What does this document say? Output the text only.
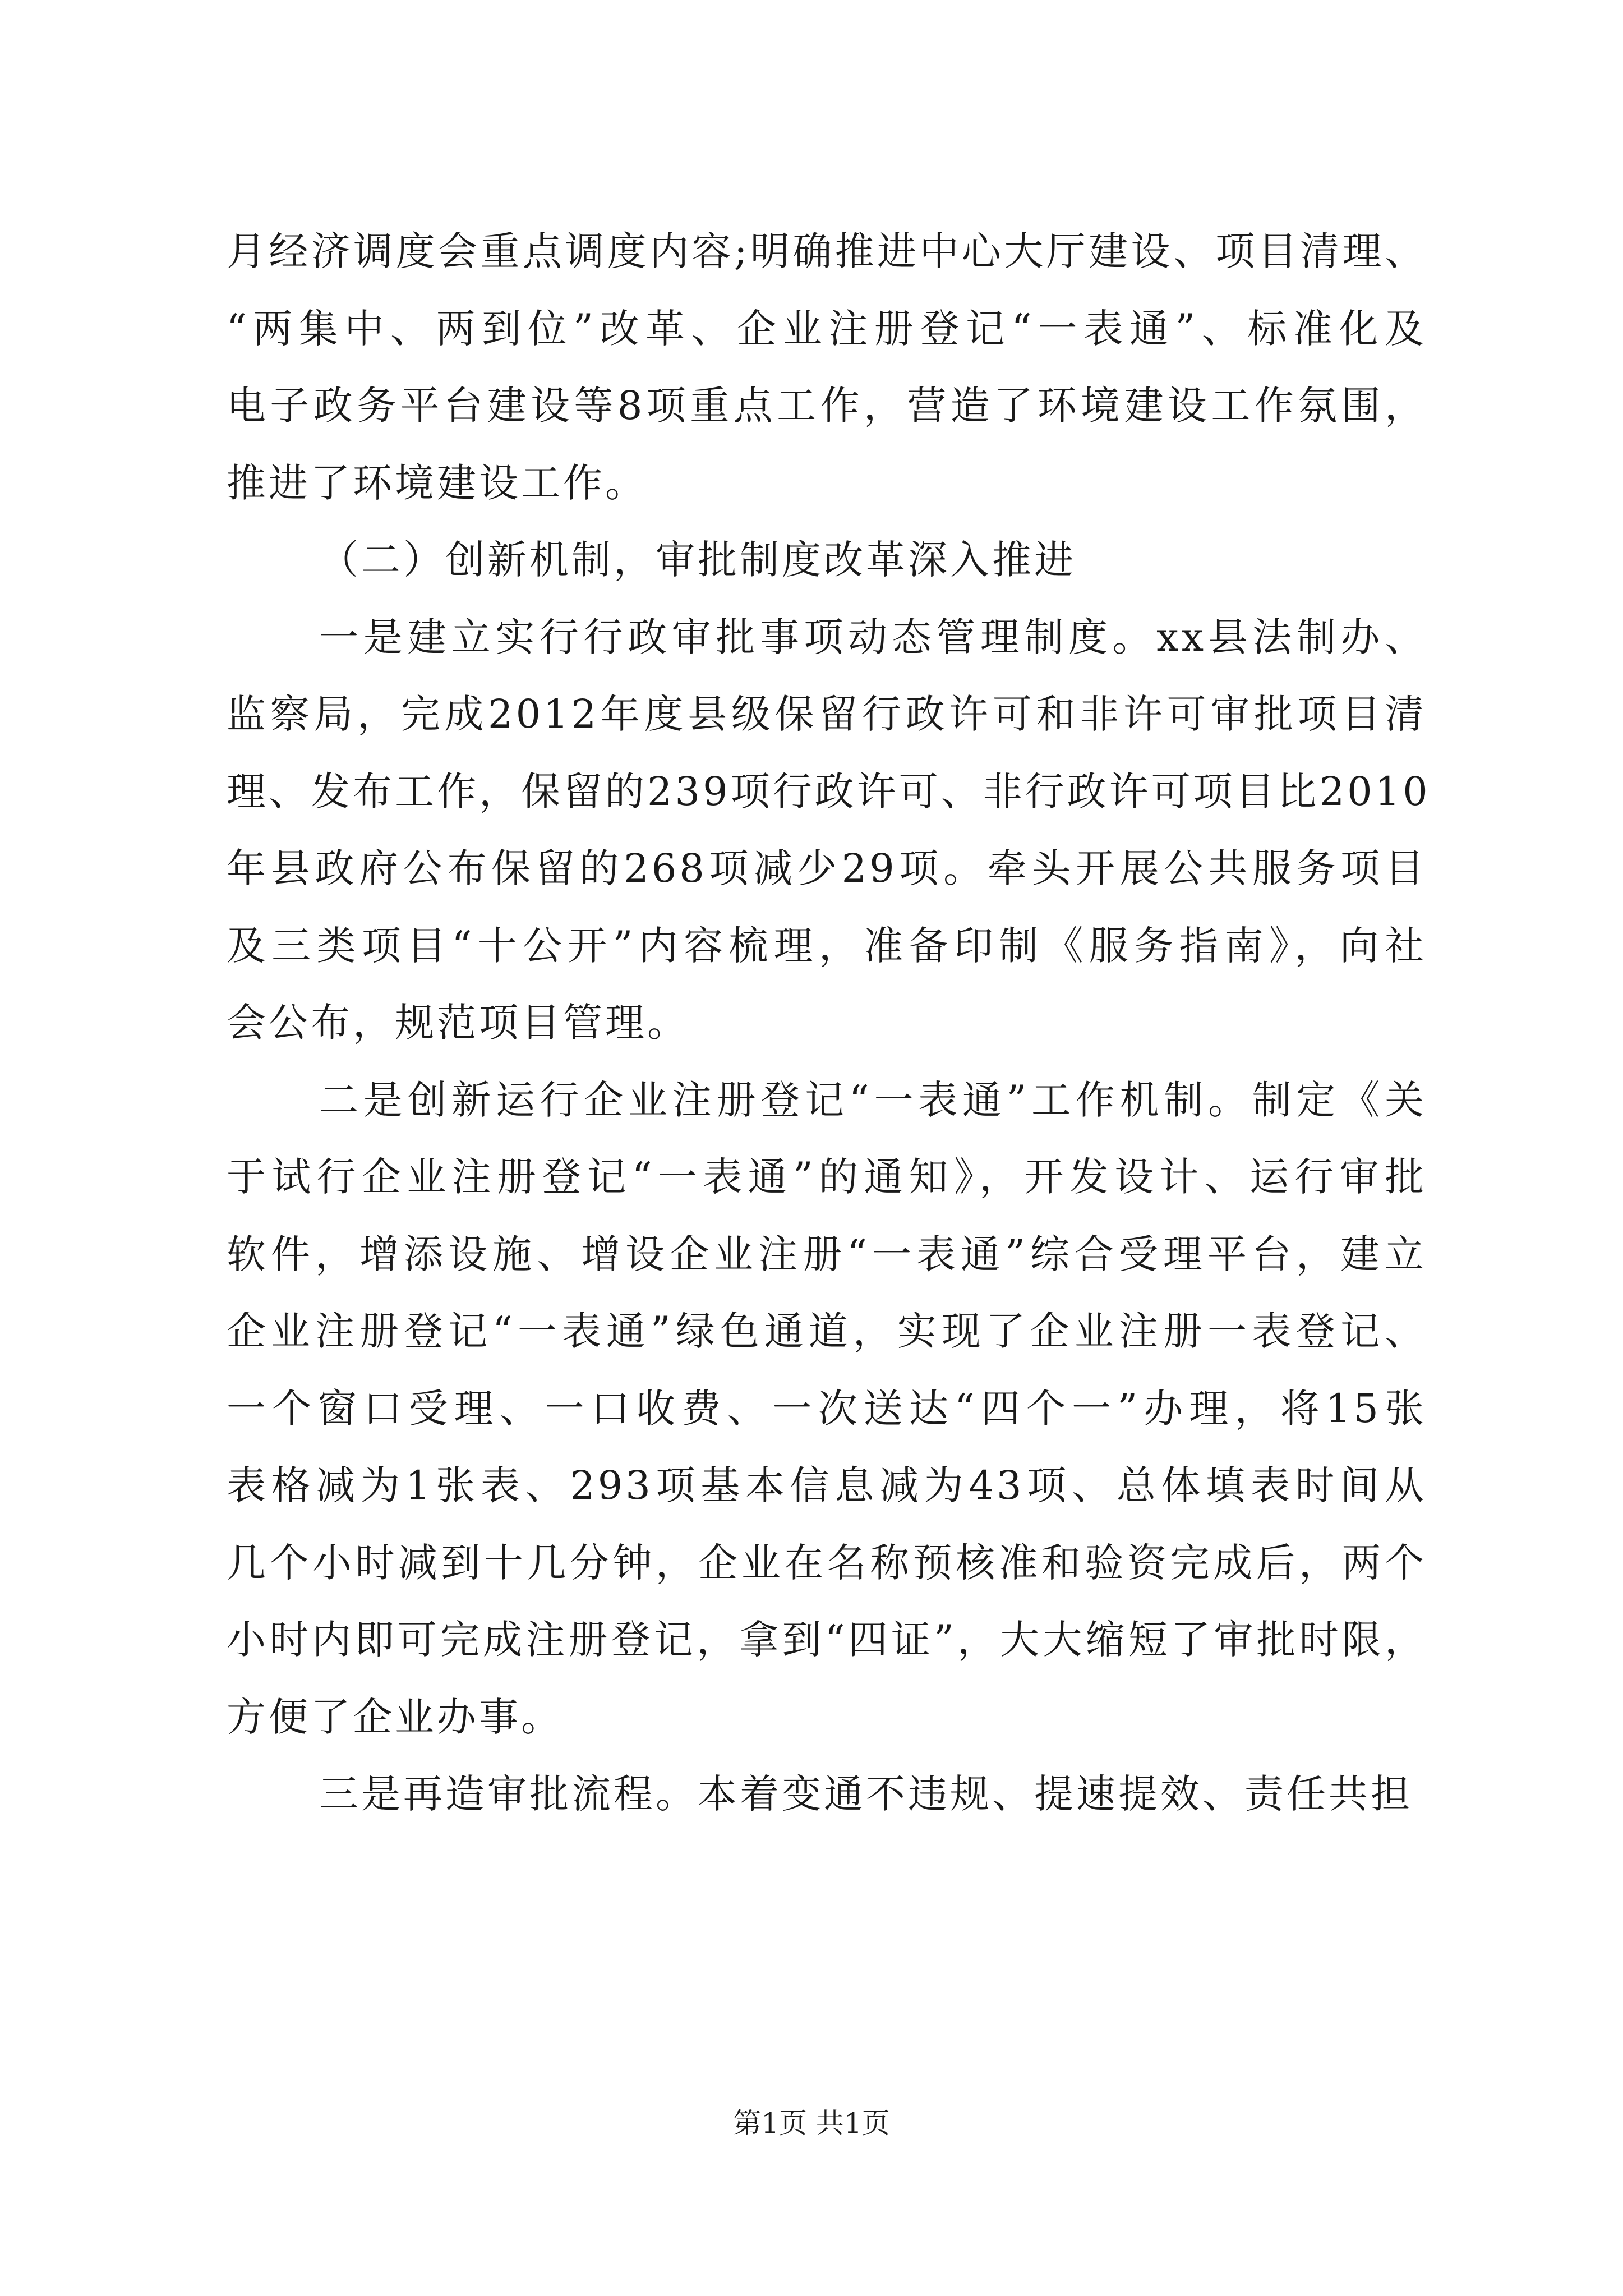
月经济调度会重点调度内容;明确推进中心大厅建设、项目清理、
“两集中、两到位”改革、企业注册登记“一表通”、标准化及
电子政务平台建设等8项重点工作，营造了环境建设工作氛围，
推进了环境建设工作。
（二）创新机制，审批制度改革深入推进
一是建立实行行政审批事项动态管理制度。xx县法制办、
监察局，完成2012年度县级保留行政许可和非许可审批项目清
理、发布工作，保留的239项行政许可、非行政许可项目比2010
年县政府公布保留的268项减少29项。牵头开展公共服务项目
及三类项目“十公开”内容梳理，准备印制《服务指南》，向社
会公布，规范项目管理。
二是创新运行企业注册登记“一表通”工作机制。制定《关
于试行企业注册登记“一表通”的通知》，开发设计、运行审批
软件，增添设施、增设企业注册“一表通”综合受理平台，建立
企业注册登记“一表通”绿色通道，实现了企业注册一表登记、
一个窗口受理、一口收费、一次送达“四个一”办理，将15张
表格减为1张表、293项基本信息减为43项、总体填表时间从
几个小时减到十几分钟，企业在名称预核准和验资完成后，两个
小时内即可完成注册登记，拿到“四证”，大大缩短了审批时限，
方便了企业办事。
三是再造审批流程。本着变通不违规、提速提效、责任共担
第1页 共1页
